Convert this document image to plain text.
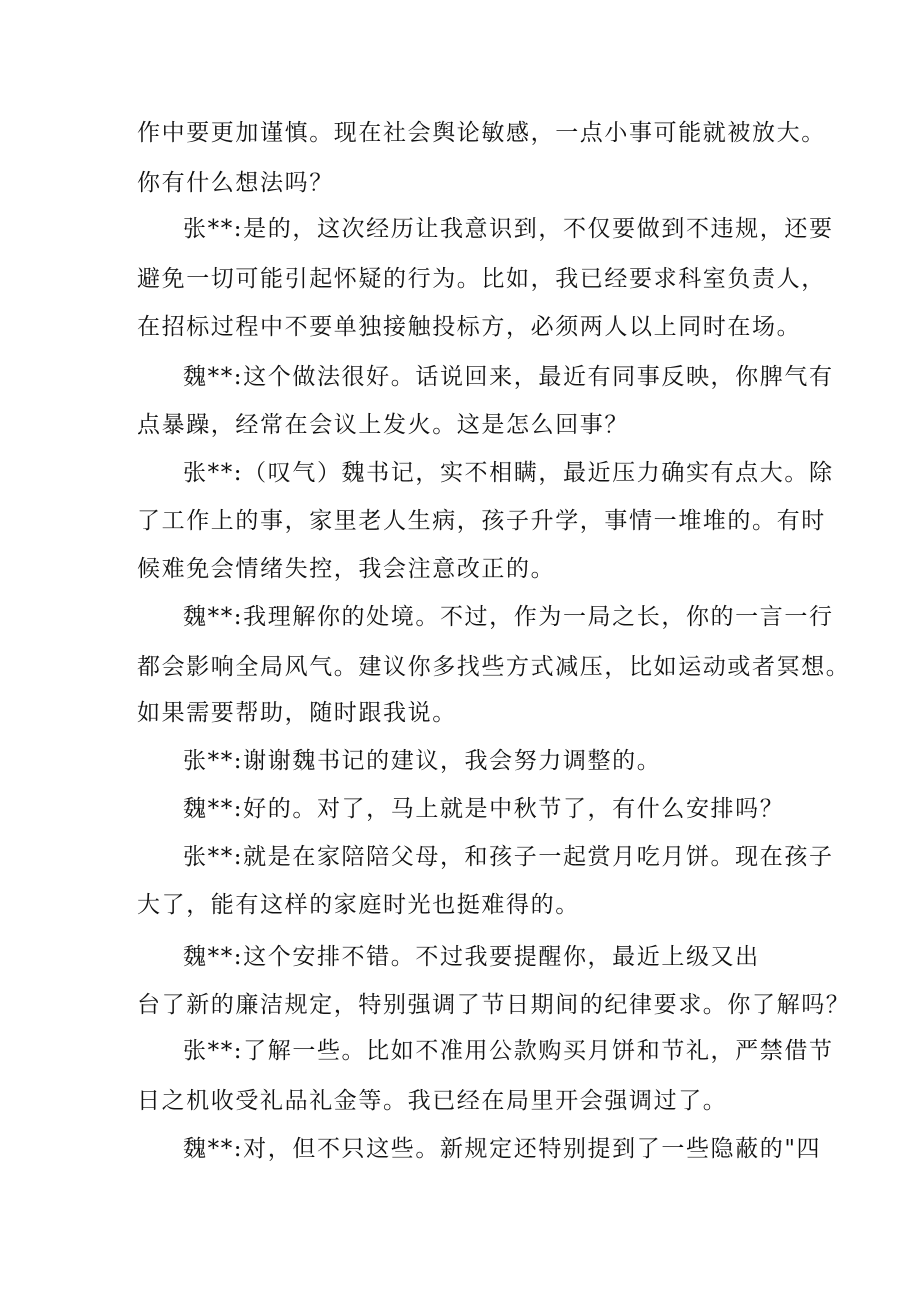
作中要更加谨慎。现在社会舆论敏感，一点小事可能就被放大。
你有什么想法吗？
张**:是的，这次经历让我意识到，不仅要做到不违规，还要
避免一切可能引起怀疑的行为。比如，我已经要求科室负责人，
在招标过程中不要单独接触投标方，必须两人以上同时在场。
魏**:这个做法很好。话说回来，最近有同事反映，你脾气有
点暴躁，经常在会议上发火。这是怎么回事？
张**:（叹气）魏书记，实不相瞒，最近压力确实有点大。除
了工作上的事，家里老人生病，孩子升学，事情一堆堆的。有时
候难免会情绪失控，我会注意改正的。
魏**:我理解你的处境。不过，作为一局之长，你的一言一行
都会影响全局风气。建议你多找些方式减压，比如运动或者冥想。
如果需要帮助，随时跟我说。
张**:谢谢魏书记的建议，我会努力调整的。
魏**:好的。对了，马上就是中秋节了，有什么安排吗？
张**:就是在家陪陪父母，和孩子一起赏月吃月饼。现在孩子
大了，能有这样的家庭时光也挺难得的。
魏**:这个安排不错。不过我要提醒你，最近上级又出
台了新的廉洁规定，特别强调了节日期间的纪律要求。你了解吗？
张**:了解一些。比如不准用公款购买月饼和节礼，严禁借节
日之机收受礼品礼金等。我已经在局里开会强调过了。
魏**:对，但不只这些。新规定还特别提到了一些隐蔽的"四
